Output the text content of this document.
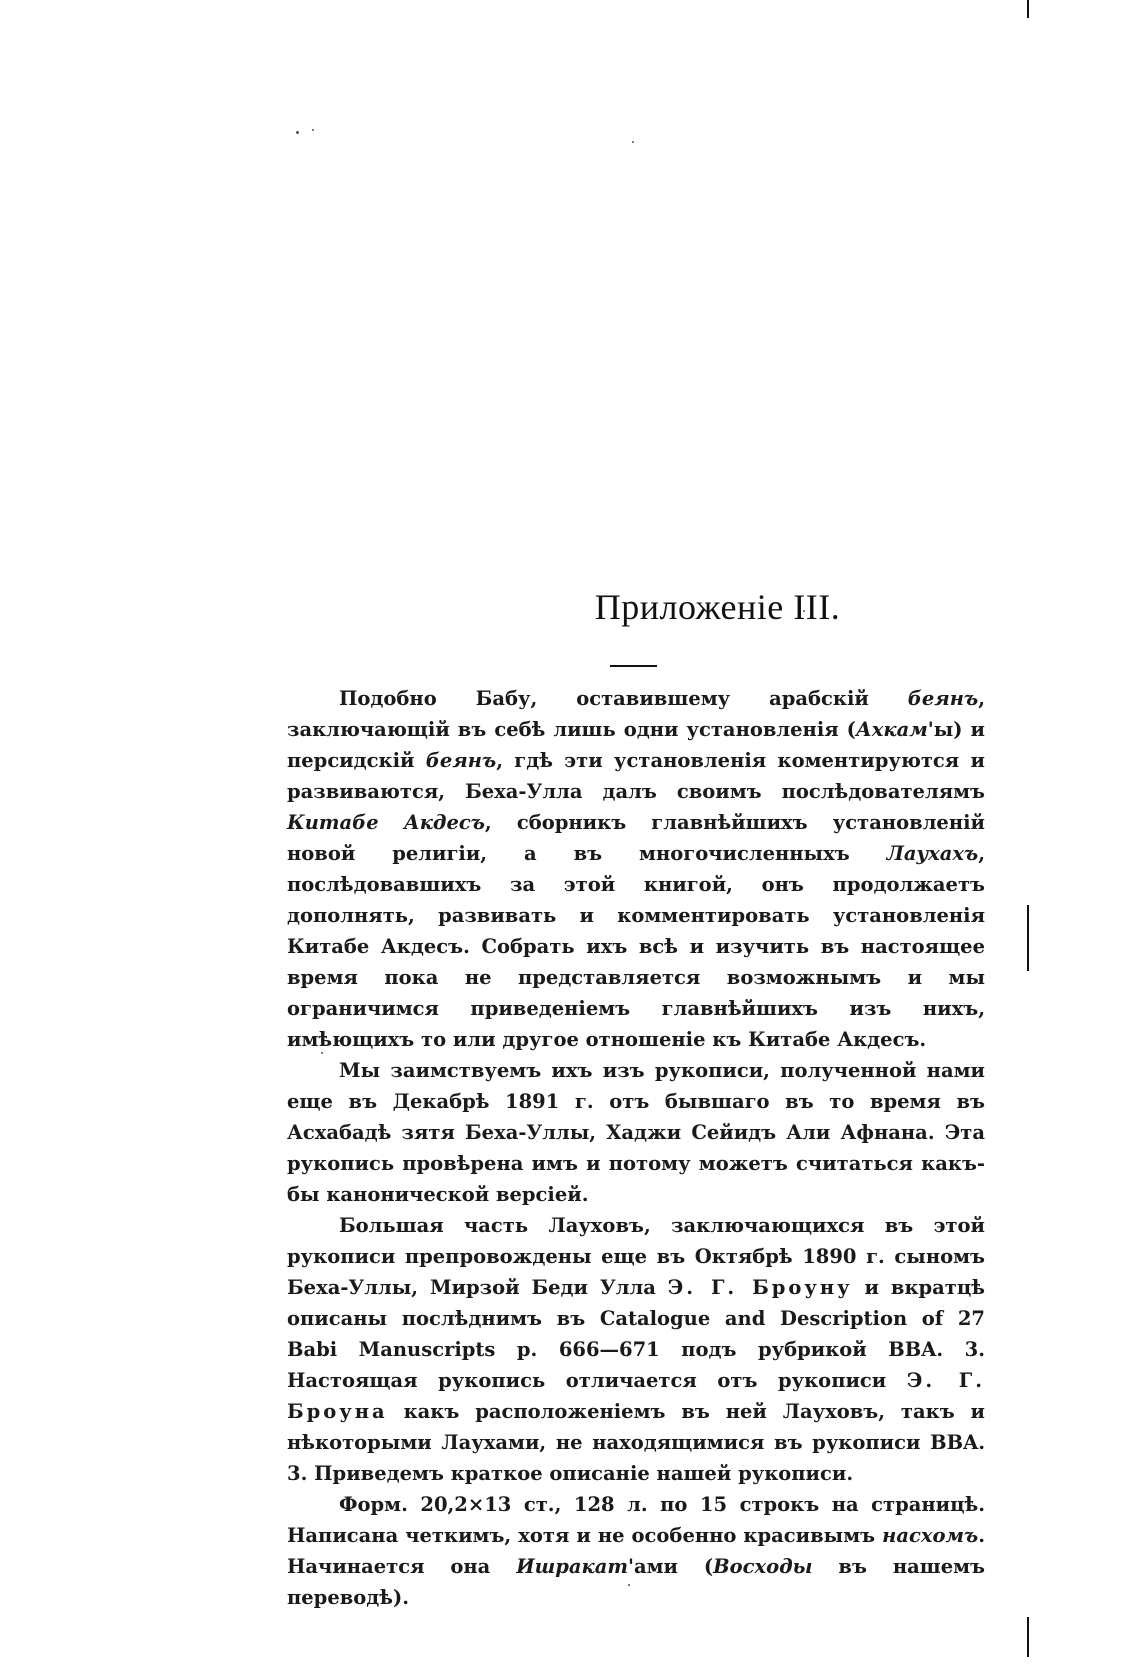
Приложеніе III.

Подобно Бабу, оставившему арабскій беянъ, заключающій въ себѣ лишь одни установленія (Ахкам'ы) и персидскій беянъ, гдѣ эти установленія коментируются и развиваются, Беха-Улла далъ своимъ послѣдователямъ Китабе Акдесъ, сборникъ главнѣйшихъ установленій новой религіи, а въ многочисленныхъ Лаухахъ, послѣдовавшихъ за этой книгой, онъ продолжаетъ дополнять, развивать и комментировать установленія Китабе Акдесъ. Собрать ихъ всѣ и изучить въ настоящее время пока не представляется возможнымъ и мы ограничимся приведеніемъ главнѣйшихъ изъ нихъ, имѣющихъ то или другое отношеніе къ Китабе Акдесъ.

Мы заимствуемъ ихъ изъ рукописи, полученной нами еще въ Декабрѣ 1891 г. отъ бывшаго въ то время въ Асхабадѣ зятя Беха-Уллы, Хаджи Сейидъ Али Афнана. Эта рукопись провѣрена имъ и потому можетъ считаться какъ-бы канонической версіей.

Большая часть Лауховъ, заключающихся въ этой рукописи препровождены еще въ Октябрѣ 1890 г. сыномъ Беха-Уллы, Мирзой Беди Улла Э. Г. Броуну и вкратцѣ описаны послѣднимъ въ Catalogue and Description of 27 Babi Manuscripts p. 666—671 подъ рубрикой BBA. 3. Настоящая рукопись отличается отъ рукописи Э. Г. Броуна какъ расположеніемъ въ ней Лауховъ, такъ и нѣкоторыми Лаухами, не находящимися въ рукописи BBA. 3. Приведемъ краткое описаніе нашей рукописи.

Форм. 20,2×13 ст., 128 л. по 15 строкъ на страницѣ. Написана четкимъ, хотя и не особенно красивымъ насхомъ. Начинается она Ишракат'ами (Восходы въ нашемъ переводѣ).
